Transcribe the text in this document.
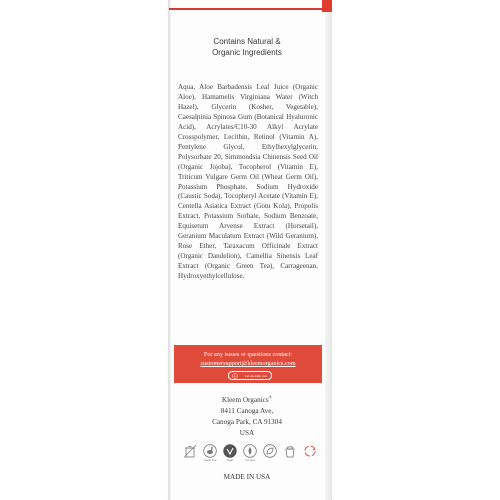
Contains Natural &
Organic Ingredients
Aqua, Aloe Barbadensis Leaf Juice (Organic Aloe), Hamamelis Virginiana Water (Witch Hazel), Glycerin (Kosher, Vegetable), Caesalpinia Spinosa Gum (Botanical Hyaluronic Acid), Acrylates/C10-30 Alkyl Acrylate Crosspolymer, Lecithin, Retinol (Vitamin A), Pentylene Glycol, Ethylhexylglycerin, Polysorbate 20, Simmondsia Chinensis Seed Oil (Organic Jojoba), Tocopherol (Vitamin E), Triticum Vulgare Germ Oil (Wheat Germ Oil), Potassium Phosphate, Sodium Hydroxide (Caustic Soda), Tocopheryl Acetate (Vitamin E), Centella Asiatica Extract (Gotu Kola), Propolis Extract, Potassium Sorbate, Sodium Benzoate, Equisetum Arvense Extract (Horsetail), Geranium Maculatum Extract (Wild Geranium), Rose Ether, Taraxacum Officinale Extract (Organic Dandelion), Camellia Sinensis Leaf Extract (Organic Green Tea), Carrageenan, Hydroxyethylcellulose.
For any issues or questions contact:
customersupport@kleemorganics.com
Let me help you
Kleem Organics®
8411 Canoga Ave,
Canoga Park, CA 91304
USA
cruelty free	vegan	non gmo
MADE IN USA
